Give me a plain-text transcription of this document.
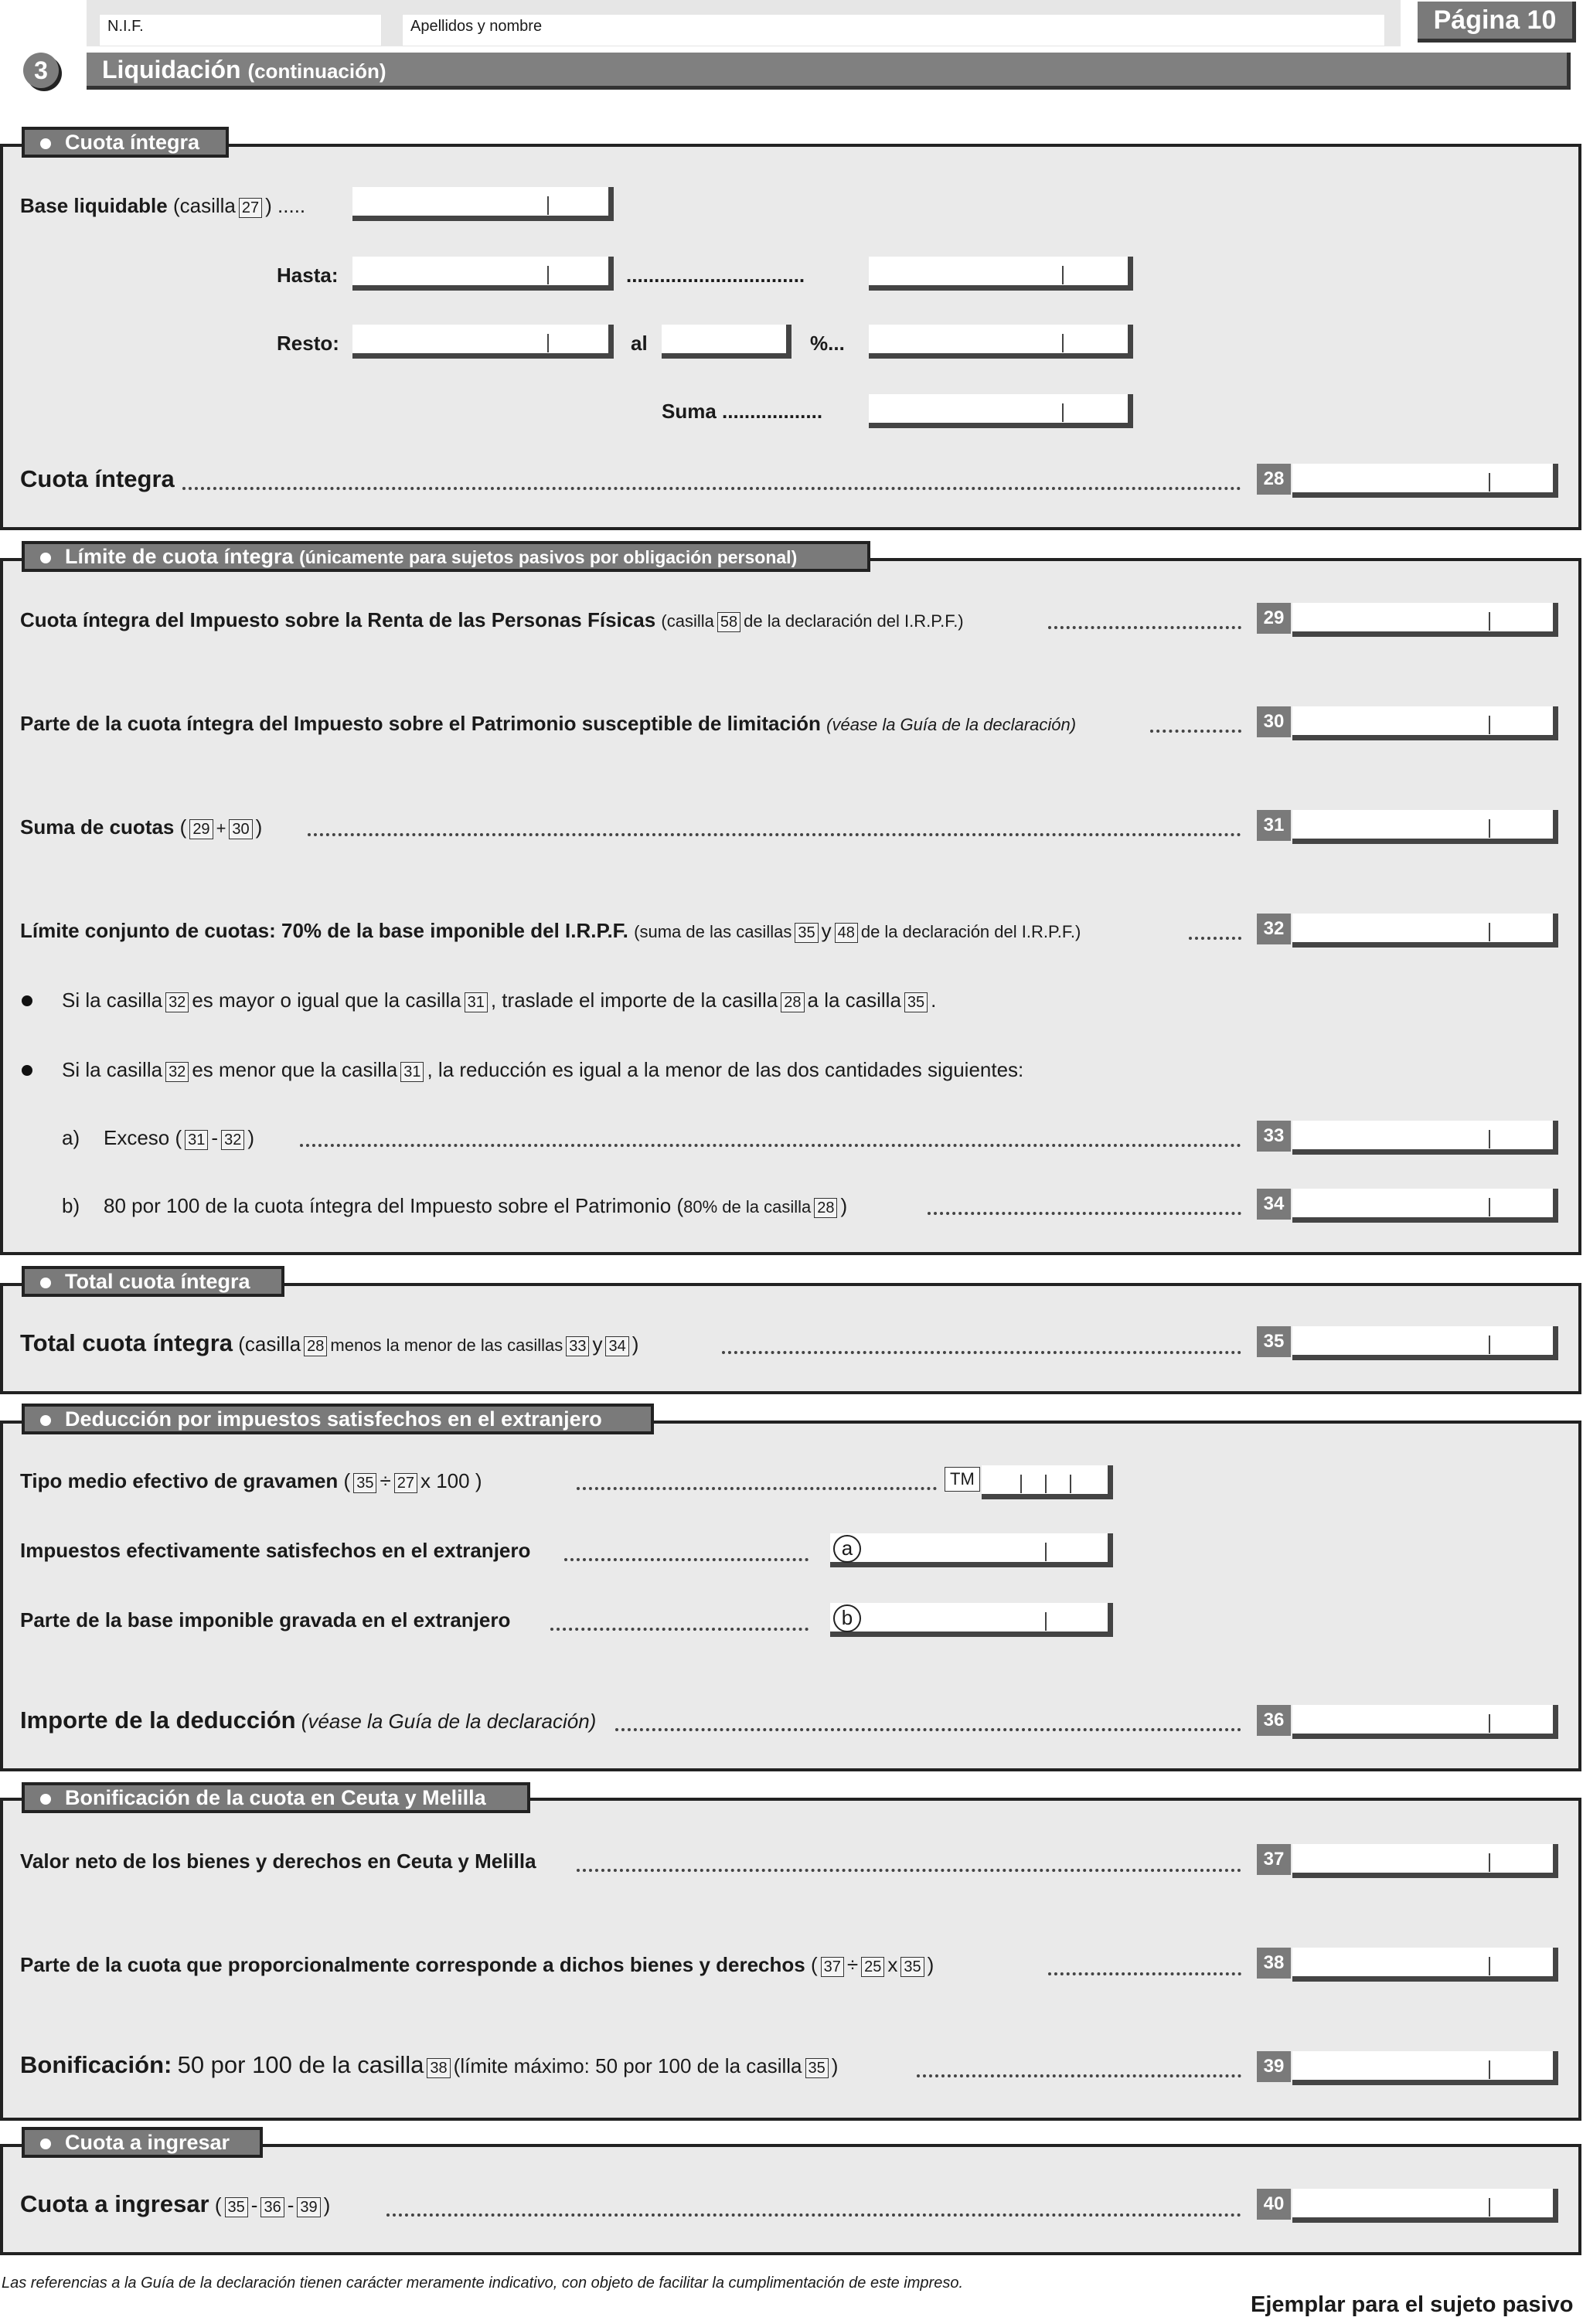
N.I.F.	Apellidos y nombre	Página 10
3	Liquidación (continuación)
Cuota íntegra
Base liquidable (casilla 27 ) .....
Hasta:	................................
Resto:	al	%...
Suma ..................
Cuota íntegra	28
Límite de cuota íntegra (únicamente para sujetos pasivos por obligación personal)
Cuota íntegra del Impuesto sobre la Renta de las Personas Físicas (casilla 58 de la declaración del I.R.P.F.)	29
Parte de la cuota íntegra del Impuesto sobre el Patrimonio susceptible de limitación (véase la Guía de la declaración)	30
Suma de cuotas ( 29 + 30 )	31
Límite conjunto de cuotas: 70% de la base imponible del I.R.P.F. (suma de las casillas 35 y 48 de la declaración del I.R.P.F.)	32
Si la casilla 32 es mayor o igual que la casilla 31 , traslade el importe de la casilla 28 a la casilla 35 .
Si la casilla 32 es menor que la casilla 31 , la reducción es igual a la menor de las dos cantidades siguientes:
a) Exceso ( 31 - 32 )	33
b) 80 por 100 de la cuota íntegra del Impuesto sobre el Patrimonio (80% de la casilla 28 )	34
Total cuota íntegra
Total cuota íntegra (casilla 28 menos la menor de las casillas 33 y 34 )	35
Deducción por impuestos satisfechos en el extranjero
Tipo medio efectivo de gravamen ( 35 ÷ 27 x 100 )	TM
Impuestos efectivamente satisfechos en el extranjero	a
Parte de la base imponible gravada en el extranjero	b
Importe de la deducción (véase la Guía de la declaración)	36
Bonificación de la cuota en Ceuta y Melilla
Valor neto de los bienes y derechos en Ceuta y Melilla	37
Parte de la cuota que proporcionalmente corresponde a dichos bienes y derechos ( 37 ÷ 25 x 35 )	38
Bonificación: 50 por 100 de la casilla 38 (límite máximo: 50 por 100 de la casilla 35 )	39
Cuota a ingresar
Cuota a ingresar ( 35 - 36 - 39 )	40
Las referencias a la Guía de la declaración tienen carácter meramente indicativo, con objeto de facilitar la cumplimentación de este impreso.
Ejemplar para el sujeto pasivo
